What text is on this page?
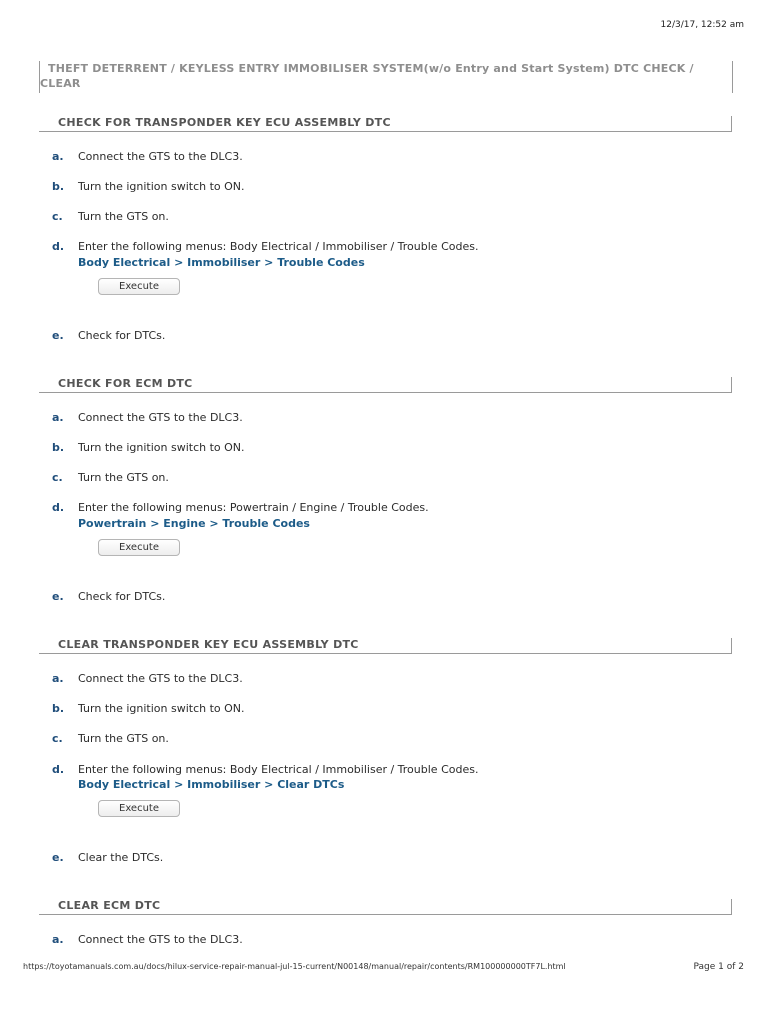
12/3/17, 12:52 am
THEFT DETERRENT / KEYLESS ENTRY IMMOBILISER SYSTEM(w/o Entry and Start System) DTC CHECK /
CLEAR
CHECK FOR TRANSPONDER KEY ECU ASSEMBLY DTC
a.	Connect the GTS to the DLC3.
b.	Turn the ignition switch to ON.
c.	Turn the GTS on.
d.	Enter the following menus: Body Electrical / Immobiliser / Trouble Codes.
Body Electrical > Immobiliser > Trouble Codes
Execute
e.	Check for DTCs.
CHECK FOR ECM DTC
a.	Connect the GTS to the DLC3.
b.	Turn the ignition switch to ON.
c.	Turn the GTS on.
d.	Enter the following menus: Powertrain / Engine / Trouble Codes.
Powertrain > Engine > Trouble Codes
Execute
e.	Check for DTCs.
CLEAR TRANSPONDER KEY ECU ASSEMBLY DTC
a.	Connect the GTS to the DLC3.
b.	Turn the ignition switch to ON.
c.	Turn the GTS on.
d.	Enter the following menus: Body Electrical / Immobiliser / Trouble Codes.
Body Electrical > Immobiliser > Clear DTCs
Execute
e.	Clear the DTCs.
CLEAR ECM DTC
a.	Connect the GTS to the DLC3.
https://toyotamanuals.com.au/docs/hilux-service-repair-manual-jul-15-current/N00148/manual/repair/contents/RM100000000TF7L.html	Page 1 of 2
